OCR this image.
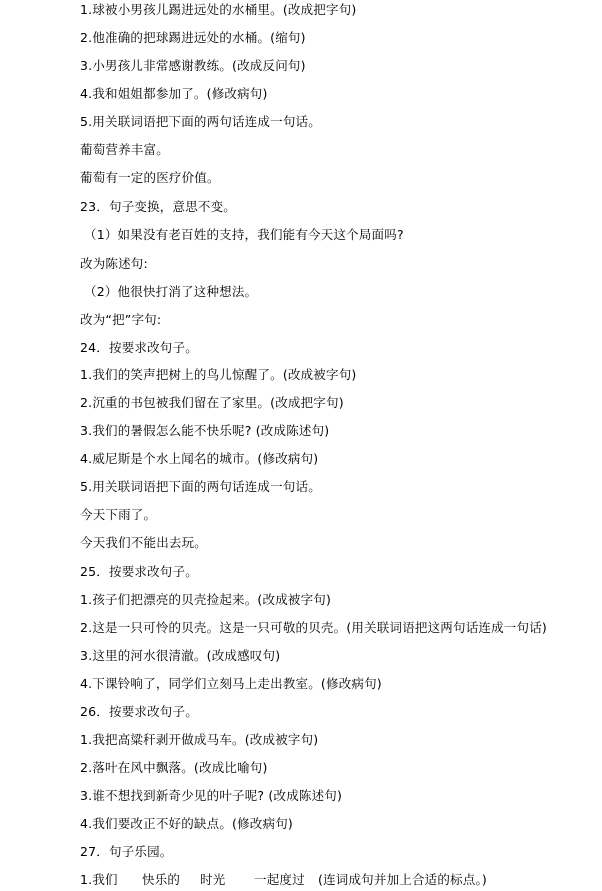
1.球被小男孩儿踢进远处的水桶里。(改成把字句)
2.他准确的把球踢进远处的水桶。(缩句)
3.小男孩儿非常感谢教练。(改成反问句)
4.我和姐姐都参加了。(修改病句)
5.用关联词语把下面的两句话连成一句话。
葡萄营养丰富。
葡萄有一定的医疗价值。
23．句子变换，意思不变。
（1）如果没有老百姓的支持，我们能有今天这个局面吗?
改为陈述句:
（2）他很快打消了这种想法。
改为“把”字句:
24．按要求改句子。
1.我们的笑声把树上的鸟儿惊醒了。(改成被字句)
2.沉重的书包被我们留在了家里。(改成把字句)
3.我们的暑假怎么能不快乐呢? (改成陈述句)
4.威尼斯是个水上闻名的城市。(修改病句)
5.用关联词语把下面的两句话连成一句话。
今天下雨了。
今天我们不能出去玩。
25．按要求改句子。
1.孩子们把漂亮的贝壳捡起来。(改成被字句)
2.这是一只可怜的贝壳。这是一只可敬的贝壳。(用关联词语把这两句话连成一句话)
3.这里的河水很清澈。(改成感叹句)
4.下课铃响了，同学们立刻马上走出教室。(修改病句)
26．按要求改句子。
1.我把高粱秆剥开做成马车。(改成被字句)
2.落叶在风中飘落。(改成比喻句)
3.谁不想找到新奇少见的叶子呢? (改成陈述句)
4.我们要改正不好的缺点。(修改病句)
27．句子乐园。
1.我们 快乐的 时光 一起度过 (连词成句并加上合适的标点。)
